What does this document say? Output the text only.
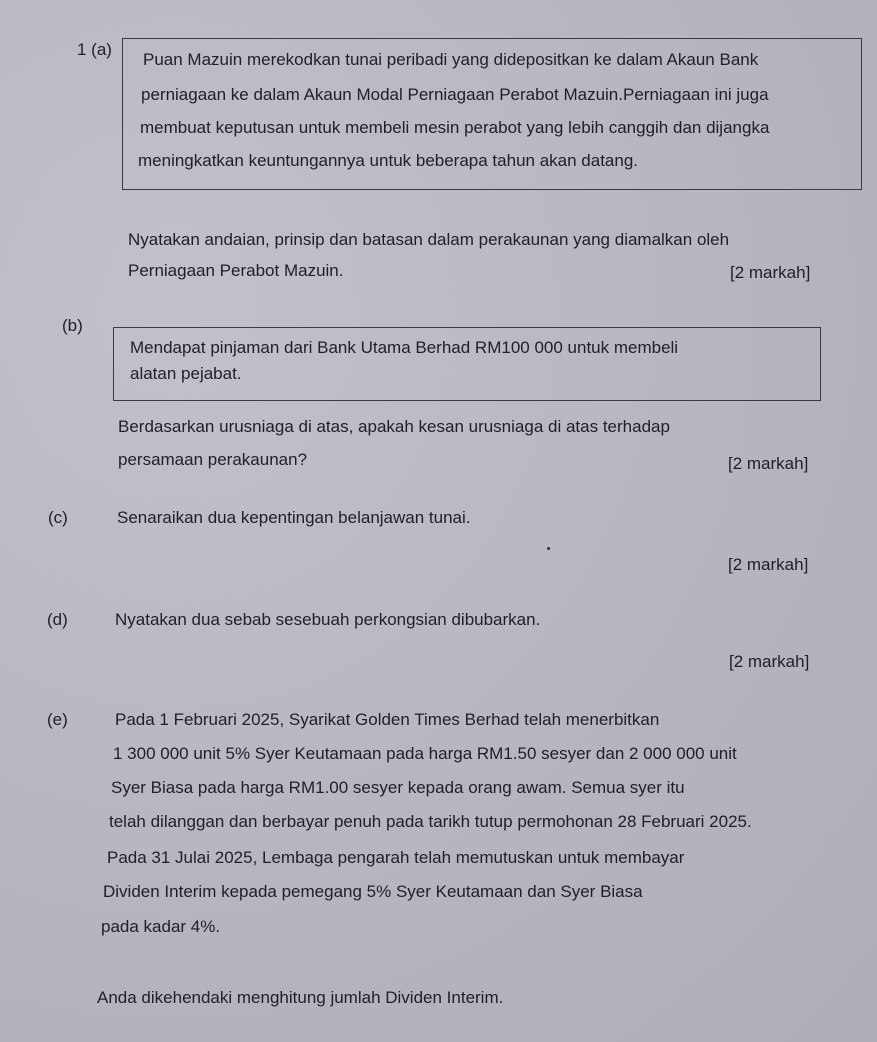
1 (a)
Puan Mazuin merekodkan tunai peribadi yang didepositkan ke dalam Akaun Bank
perniagaan ke dalam Akaun Modal Perniagaan Perabot Mazuin.Perniagaan ini juga
membuat keputusan untuk membeli mesin perabot yang lebih canggih dan dijangka
meningkatkan keuntungannya untuk beberapa tahun akan datang.
Nyatakan andaian, prinsip dan batasan dalam perakaunan yang diamalkan oleh
Perniagaan Perabot Mazuin.	[2 markah]
(b)
Mendapat pinjaman dari Bank Utama Berhad RM100 000 untuk membeli
alatan pejabat.
Berdasarkan urusniaga di atas, apakah kesan urusniaga di atas terhadap
persamaan perakaunan?	[2 markah]
(c)	Senaraikan dua kepentingan belanjawan tunai.
[2 markah]
(d)	Nyatakan dua sebab sesebuah perkongsian dibubarkan.
[2 markah]
(e)	Pada 1 Februari 2025, Syarikat Golden Times Berhad telah menerbitkan
1 300 000 unit 5% Syer Keutamaan pada harga RM1.50 sesyer dan 2 000 000 unit
Syer Biasa pada harga RM1.00 sesyer kepada orang awam. Semua syer itu
telah dilanggan dan berbayar penuh pada tarikh tutup permohonan 28 Februari 2025.
Pada 31 Julai 2025, Lembaga pengarah telah memutuskan untuk membayar
Dividen Interim kepada pemegang 5% Syer Keutamaan dan Syer Biasa
pada kadar 4%.
Anda dikehendaki menghitung jumlah Dividen Interim.
